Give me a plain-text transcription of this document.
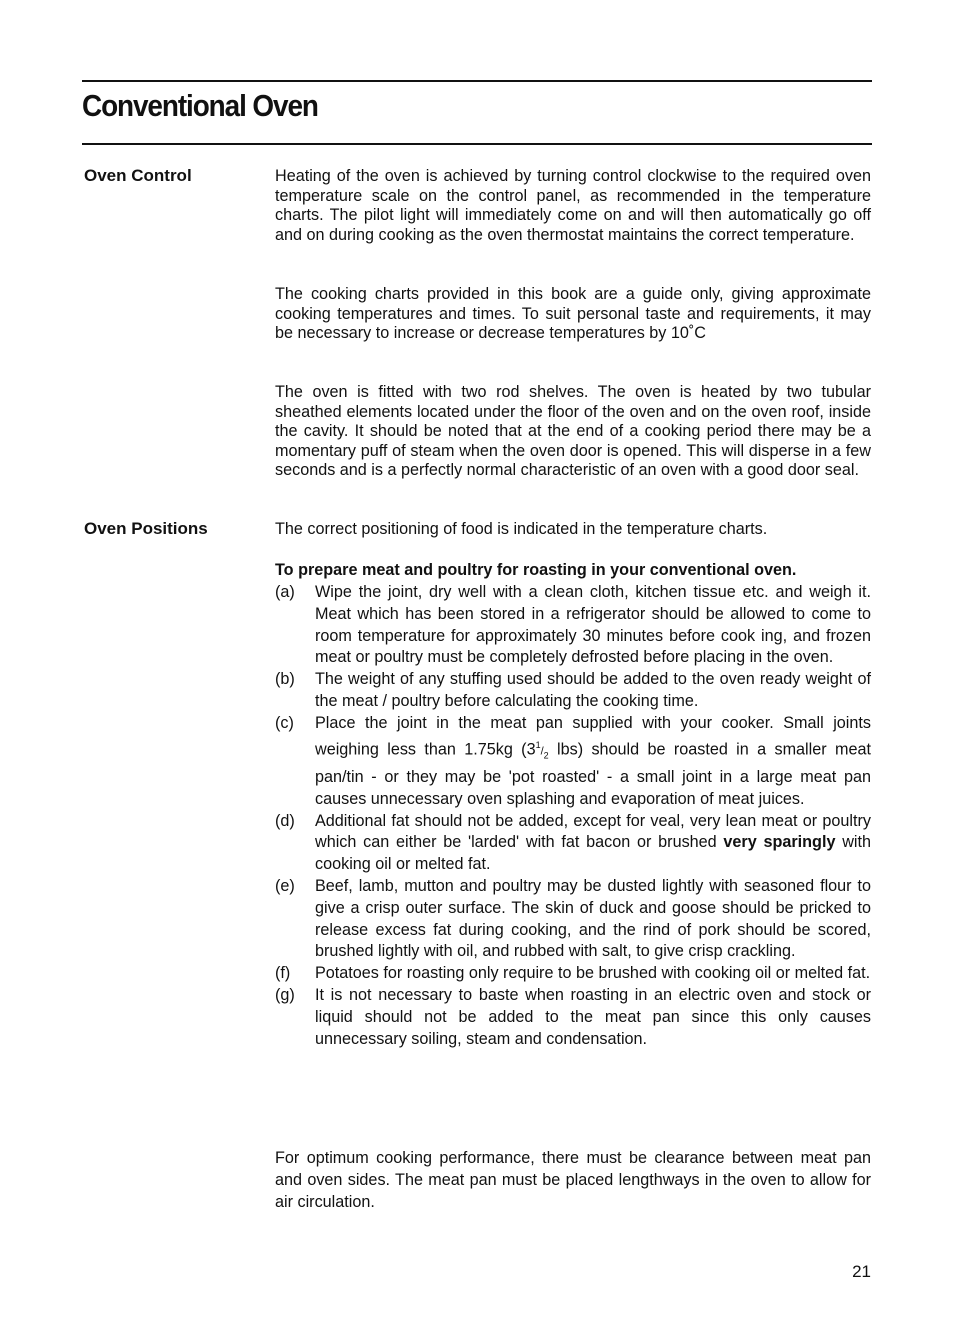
Conventional Oven

Oven Control	Heating of the oven is achieved by turning control clockwise to the required oven temperature scale on the control panel, as recommended in the temperature charts. The pilot light will immediately come on and will then automatically go off and on during cooking as the oven thermostat maintains the correct temperature.

The cooking charts provided in this book are a guide only, giving approximate cooking temperatures and times. To suit personal taste and requirements, it may be necessary to increase or decrease temperatures by 10˚C

The oven is fitted with two rod shelves. The oven is heated by two tubular sheathed elements located under the floor of the oven and on the oven roof, inside the cavity. It should be noted that at the end of a cooking period there may be a momentary puff of steam when the oven door is opened. This will disperse in a few seconds and is a perfectly normal characteristic of an oven with a good door seal.

Oven Positions	The correct positioning of food is indicated in the temperature charts.

To prepare meat and poultry for roasting in your conventional oven.

(a)	Wipe the joint, dry well with a clean cloth, kitchen tissue etc. and weigh it. Meat which has been stored in a refrigerator should be allowed to come to room temperature for approximately 30 minutes before cook ing, and frozen meat or poultry must be completely defrosted before placing in the oven.
(b)	The weight of any stuffing used should be added to the oven ready weight of the meat / poultry before calculating the cooking time.
(c)	Place the joint in the meat pan supplied with your cooker. Small joints weighing less than 1.75kg ($3^1/_2$ lbs) should be roasted in a smaller meat pan/tin - or they may be 'pot roasted' - a small joint in a large meat pan causes unnecessary oven splashing and evaporation of meat juices.
(d)	Additional fat should not be added, except for veal, very lean meat or poultry which can either be 'larded' with fat bacon or brushed very sparingly with cooking oil or melted fat.
(e)	Beef, lamb, mutton and poultry may be dusted lightly with seasoned flour to give a crisp outer surface. The skin of duck and goose should be pricked to release excess fat during cooking, and the rind of pork should be scored, brushed lightly with oil, and rubbed with salt, to give crisp crackling.
(f)	Potatoes for roasting only require to be brushed with cooking oil or melted fat.
(g)	It is not necessary to baste when roasting in an electric oven and stock or liquid should not be added to the meat pan since this only causes unnecessary soiling, steam and condensation.

For optimum cooking performance, there must be clearance between meat pan and oven sides. The meat pan must be placed lengthways in the oven to allow for air circulation.

21
